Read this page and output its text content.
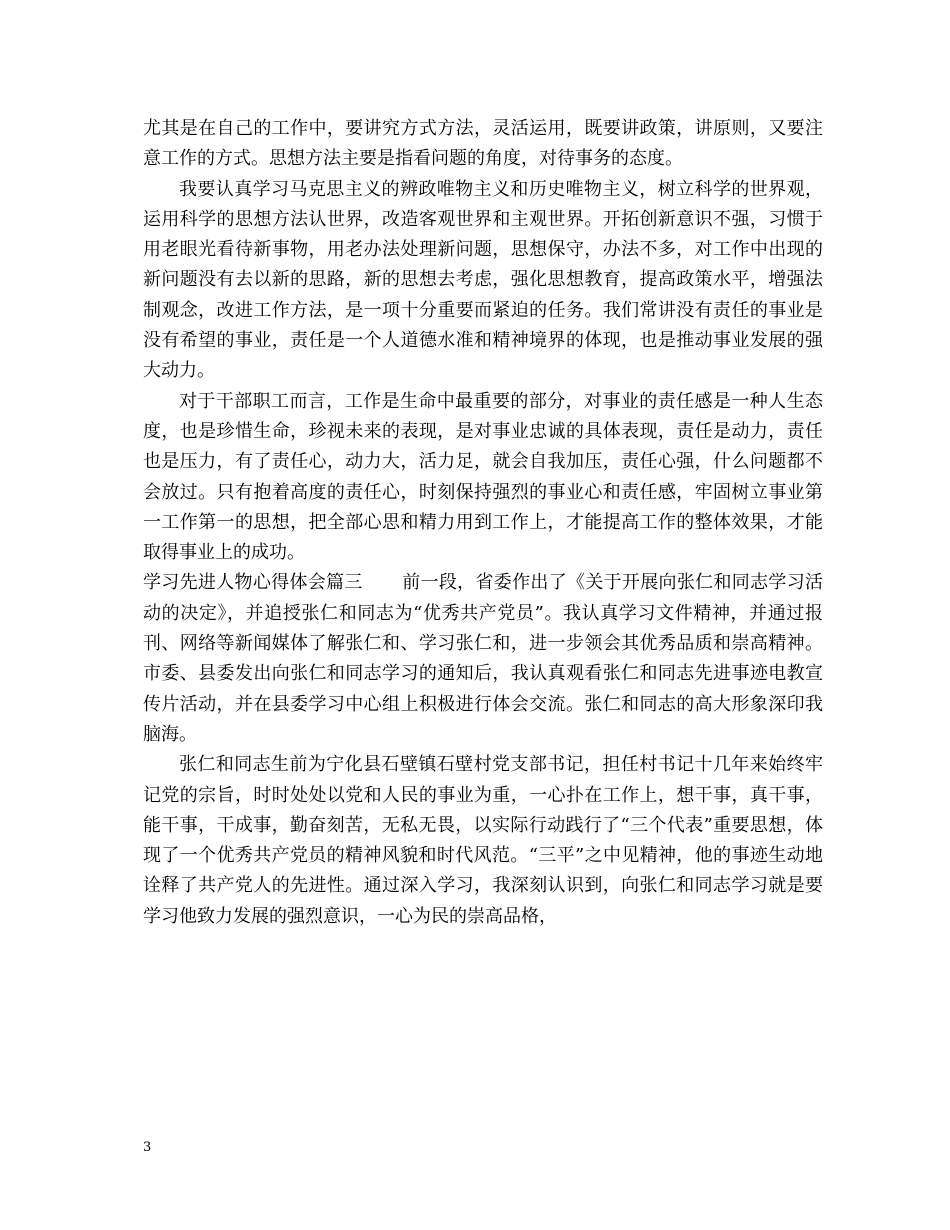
尤其是在自己的工作中，要讲究方式方法，灵活运用，既要讲政策，讲原则，又要注意工作的方式。思想方法主要是指看问题的角度，对待事务的态度。

我要认真学习马克思主义的辨政唯物主义和历史唯物主义，树立科学的世界观，运用科学的思想方法认世界，改造客观世界和主观世界。开拓创新意识不强，习惯于用老眼光看待新事物，用老办法处理新问题，思想保守，办法不多，对工作中出现的新问题没有去以新的思路，新的思想去考虑，强化思想教育，提高政策水平，增强法制观念，改进工作方法，是一项十分重要而紧迫的任务。我们常讲没有责任的事业是没有希望的事业，责任是一个人道德水准和精神境界的体现，也是推动事业发展的强大动力。

对于干部职工而言，工作是生命中最重要的部分，对事业的责任感是一种人生态度，也是珍惜生命，珍视未来的表现，是对事业忠诚的具体表现，责任是动力，责任也是压力，有了责任心，动力大，活力足，就会自我加压，责任心强，什么问题都不会放过。只有抱着高度的责任心，时刻保持强烈的事业心和责任感，牢固树立事业第一工作第一的思想，把全部心思和精力用到工作上，才能提高工作的整体效果，才能取得事业上的成功。

学习先进人物心得体会篇三 前一段，省委作出了《关于开展向张仁和同志学习活动的决定》，并追授张仁和同志为“优秀共产党员”。我认真学习文件精神，并通过报刊、网络等新闻媒体了解张仁和、学习张仁和，进一步领会其优秀品质和崇高精神。市委、县委发出向张仁和同志学习的通知后，我认真观看张仁和同志先进事迹电教宣传片活动，并在县委学习中心组上积极进行体会交流。张仁和同志的高大形象深印我脑海。

张仁和同志生前为宁化县石壁镇石壁村党支部书记，担任村书记十几年来始终牢记党的宗旨，时时处处以党和人民的事业为重，一心扑在工作上，想干事，真干事，能干事，干成事，勤奋刻苦，无私无畏，以实际行动践行了“三个代表”重要思想，体现了一个优秀共产党员的精神风貌和时代风范。“三平”之中见精神，他的事迹生动地诠释了共产党人的先进性。通过深入学习，我深刻认识到，向张仁和同志学习就是要学习他致力发展的强烈意识，一心为民的崇高品格，

3
